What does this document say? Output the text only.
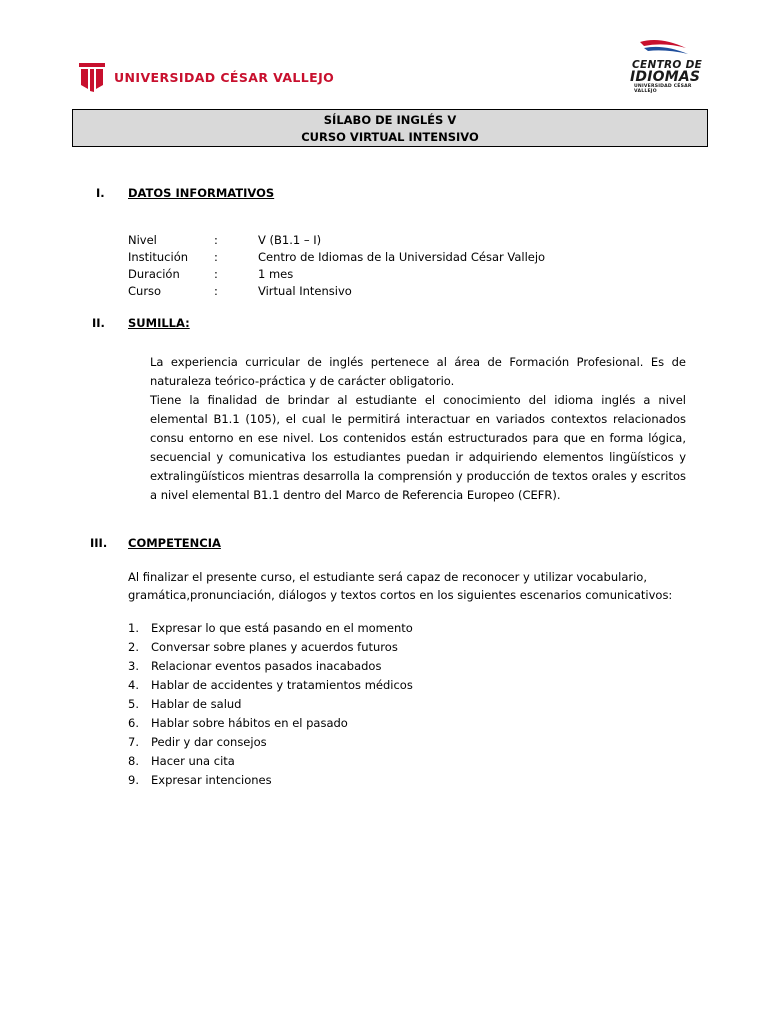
UNIVERSIDAD CÉSAR VALLEJO
CENTRO DE
IDIOMAS
UNIVERSIDAD CÉSAR VALLEJO
SÍLABO DE INGLÉS V
CURSO VIRTUAL INTENSIVO
I. DATOS INFORMATIVOS
Nivel	:	V (B1.1 – I)
Institución :	Centro de Idiomas de la Universidad César Vallejo
Duración	:	1 mes
Curso	:	Virtual Intensivo
II. SUMILLA:

La experiencia curricular de inglés pertenece al área de Formación Profesional. Es de naturaleza teórico-práctica y de carácter obligatorio.

Tiene la finalidad de brindar al estudiante el conocimiento del idioma inglés a nivel elemental B1.1 (105), el cual le permitirá interactuar en variados contextos relacionados consu entorno en ese nivel. Los contenidos están estructurados para que en forma lógica, secuencial y comunicativa los estudiantes puedan ir adquiriendo elementos lingüísticos y extralingüísticos mientras desarrolla la comprensión y producción de textos orales y escritos a nivel elemental B1.1 dentro del Marco de Referencia Europeo (CEFR).

III. COMPETENCIA

Al finalizar el presente curso, el estudiante será capaz de reconocer y utilizar vocabulario, gramática,pronunciación, diálogos y textos cortos en los siguientes escenarios comunicativos:

1. Expresar lo que está pasando en el momento
2. Conversar sobre planes y acuerdos futuros
3. Relacionar eventos pasados inacabados
4. Hablar de accidentes y tratamientos médicos
5. Hablar de salud
6. Hablar sobre hábitos en el pasado
7. Pedir y dar consejos
8. Hacer una cita
9. Expresar intenciones
